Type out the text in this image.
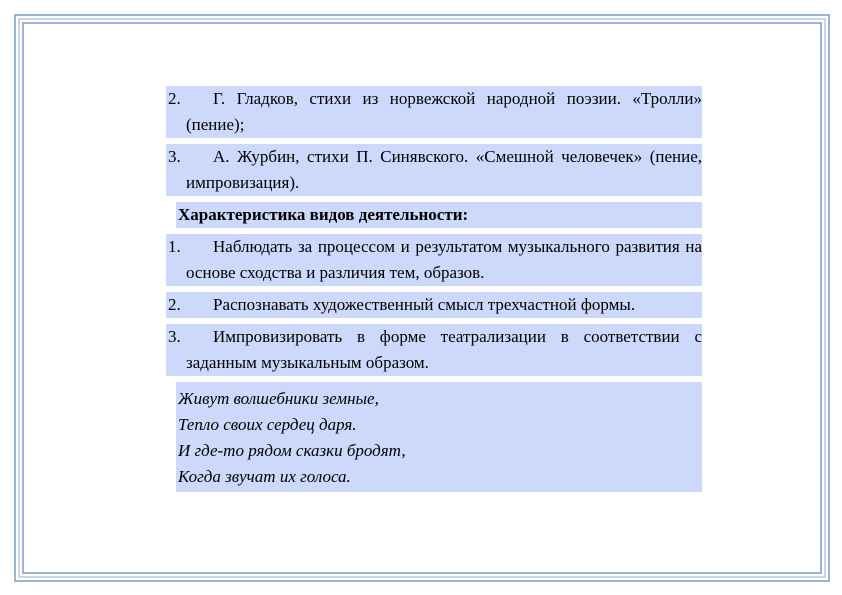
2. Г. Гладков, стихи из норвежской народной поэзии. «Тролли» (пение);
3. А. Журбин, стихи П. Синявского. «Смешной человечек» (пение, импровизация).
Характеристика видов деятельности:
1. Наблюдать за процессом и результатом музыкального развития на основе сходства и различия тем, образов.
2. Распознавать художественный смысл трехчастной формы.
3. Импровизировать в форме театрализации в соответствии с заданным музыкальным образом.
Живут волшебники земные,
Тепло своих сердец даря.
И где-то рядом сказки бродят,
Когда звучат их голоса.
